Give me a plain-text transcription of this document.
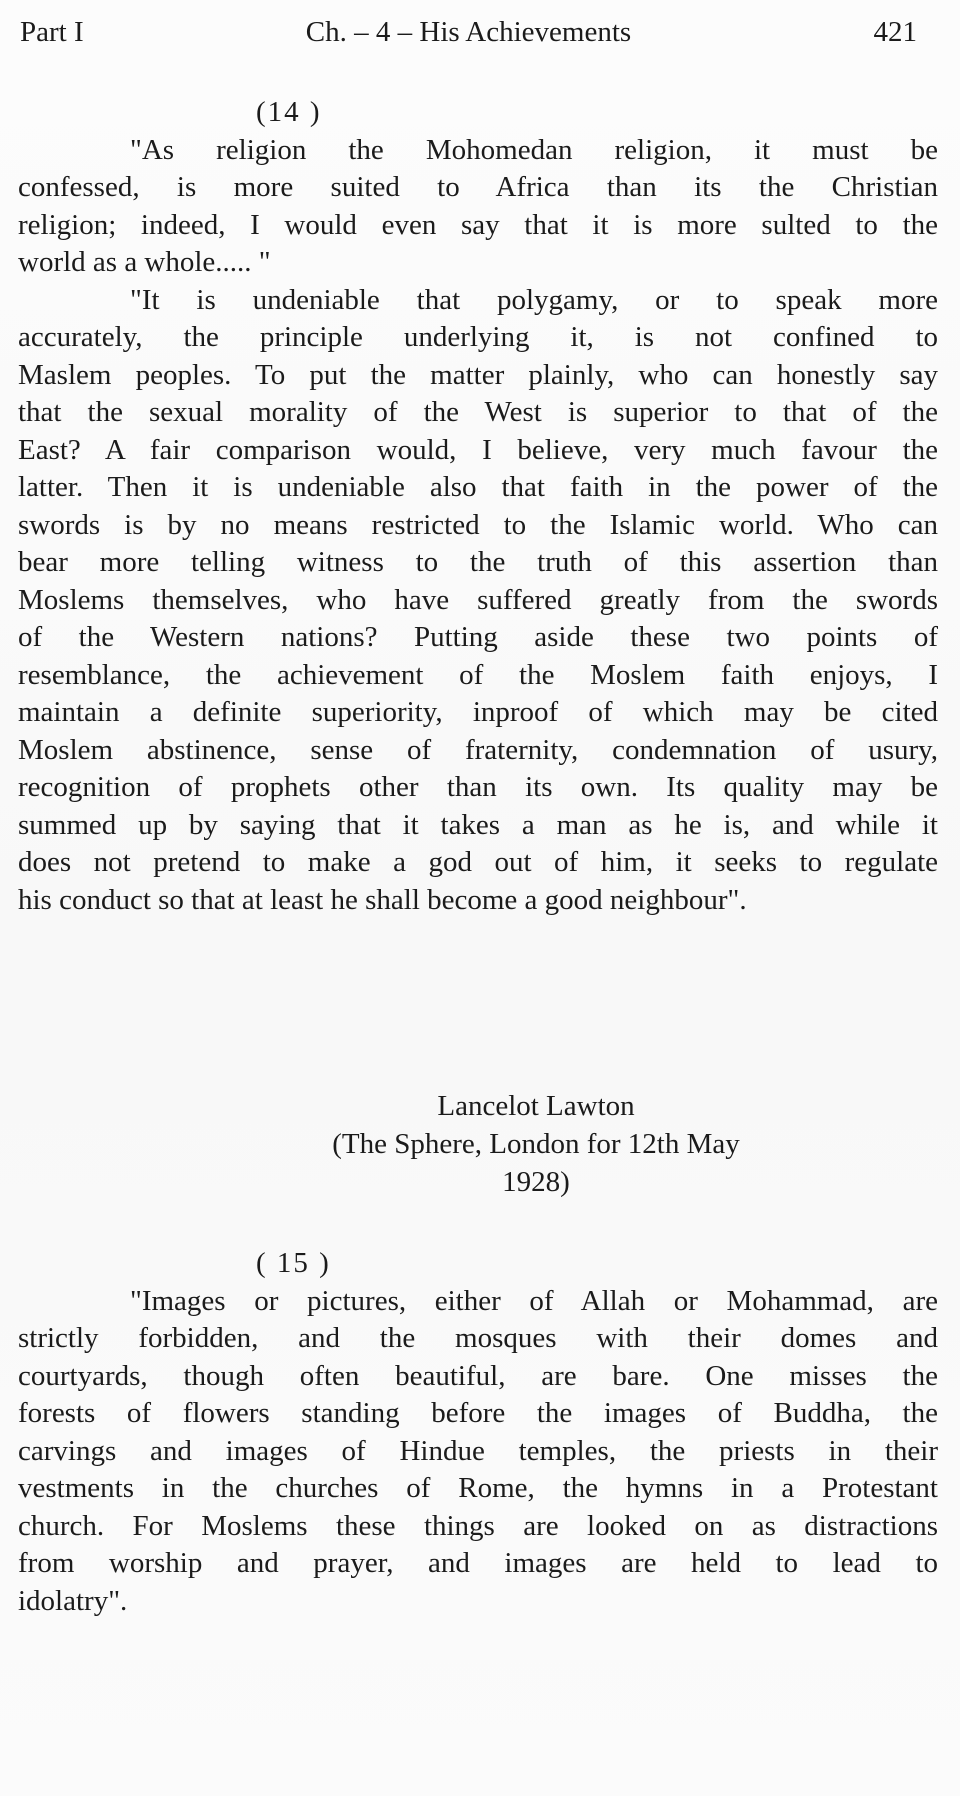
Part I	Ch. – 4 – His Achievements	421
(14 )
"As religion the Mohomedan religion, it must be
confessed, is more suited to Africa than its the Christian
religion; indeed, I would even say that it is more sulted to the
world as a whole..... "
"It is undeniable that polygamy, or to speak more
accurately, the principle underlying it, is not confined to
Maslem peoples. To put the matter plainly, who can honestly say
that the sexual morality of the West is superior to that of the
East? A fair comparison would, I believe, very much favour the
latter. Then it is undeniable also that faith in the power of the
swords is by no means restricted to the Islamic world. Who can
bear more telling witness to the truth of this assertion than
Moslems themselves, who have suffered greatly from the swords
of the Western nations? Putting aside these two points of
resemblance, the achievement of the Moslem faith enjoys, I
maintain a definite superiority, inproof of which may be cited
Moslem abstinence, sense of fraternity, condemnation of usury,
recognition of prophets other than its own. Its quality may be
summed up by saying that it takes a man as he is, and while it
does not pretend to make a god out of him, it seeks to regulate
his conduct so that at least he shall become a good neighbour".
Lancelot Lawton
(The Sphere, London for 12th May 1928)
( 15 )
"Images or pictures, either of Allah or Mohammad, are
strictly forbidden, and the mosques with their domes and
courtyards, though often beautiful, are bare. One misses the
forests of flowers standing before the images of Buddha, the
carvings and images of Hindue temples, the priests in their
vestments in the churches of Rome, the hymns in a Protestant
church. For Moslems these things are looked on as distractions
from worship and prayer, and images are held to lead to
idolatry".
